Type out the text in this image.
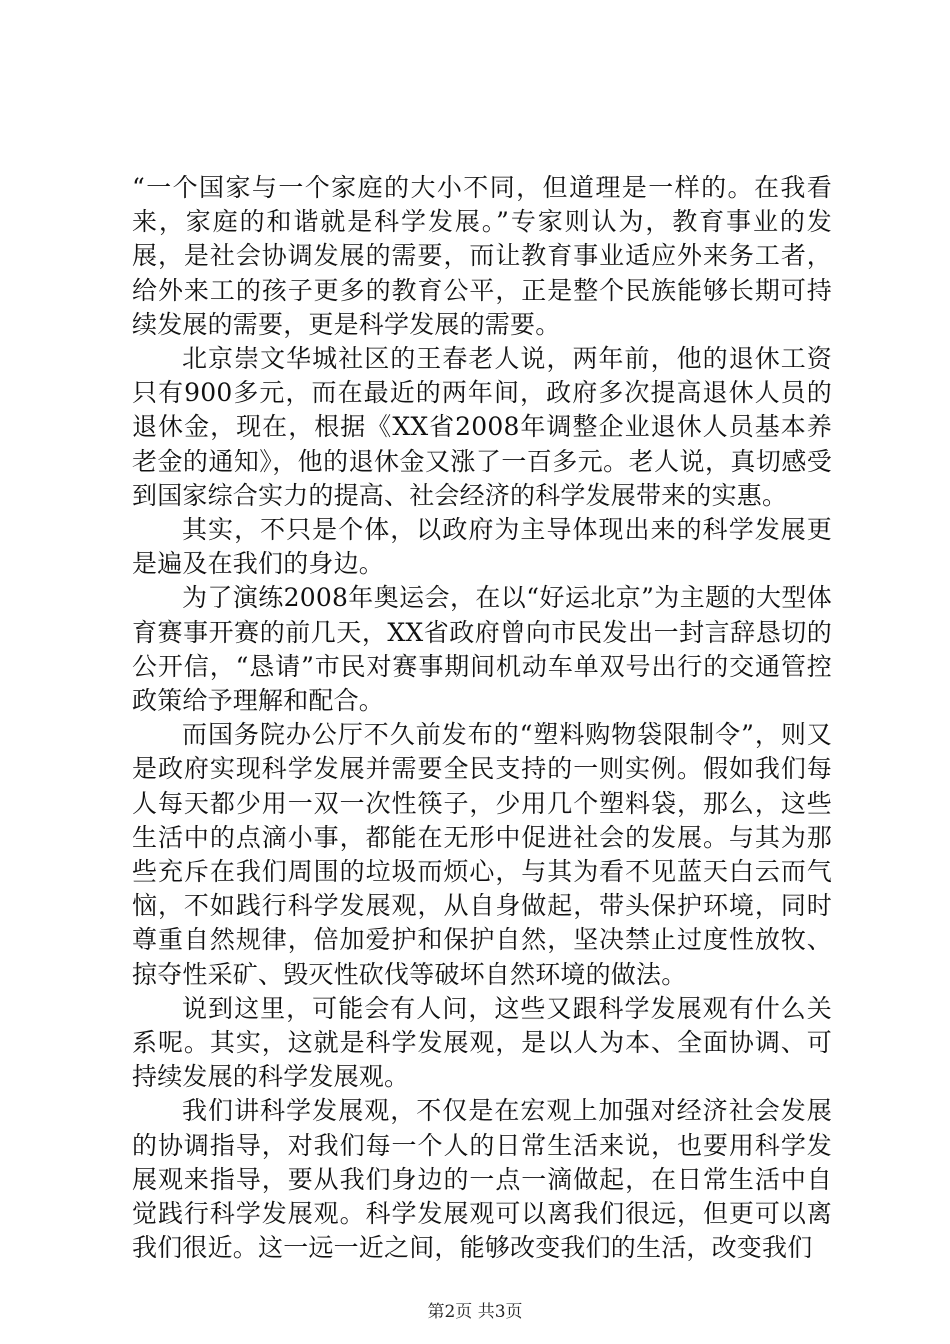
“一个国家与一个家庭的大小不同，但道理是一样的。在我看来，家庭的和谐就是科学发展。”专家则认为，教育事业的发展，是社会协调发展的需要，而让教育事业适应外来务工者，给外来工的孩子更多的教育公平，正是整个民族能够长期可持续发展的需要，更是科学发展的需要。

北京崇文华城社区的王春老人说，两年前，他的退休工资只有900多元，而在最近的两年间，政府多次提高退休人员的退休金，现在，根据《XX省2008年调整企业退休人员基本养老金的通知》，他的退休金又涨了一百多元。老人说，真切感受到国家综合实力的提高、社会经济的科学发展带来的实惠。

其实，不只是个体，以政府为主导体现出来的科学发展更是遍及在我们的身边。

为了演练2008年奥运会，在以“好运北京”为主题的大型体育赛事开赛的前几天，XX省政府曾向市民发出一封言辞恳切的公开信，“恳请”市民对赛事期间机动车单双号出行的交通管控政策给予理解和配合。

而国务院办公厅不久前发布的“塑料购物袋限制令”，则又是政府实现科学发展并需要全民支持的一则实例。假如我们每人每天都少用一双一次性筷子，少用几个塑料袋，那么，这些生活中的点滴小事，都能在无形中促进社会的发展。与其为那些充斥在我们周围的垃圾而烦心，与其为看不见蓝天白云而气恼，不如践行科学发展观，从自身做起，带头保护环境，同时尊重自然规律，倍加爱护和保护自然，坚决禁止过度性放牧、掠夺性采矿、毁灭性砍伐等破坏自然环境的做法。

说到这里，可能会有人问，这些又跟科学发展观有什么关系呢。其实，这就是科学发展观，是以人为本、全面协调、可持续发展的科学发展观。

我们讲科学发展观，不仅是在宏观上加强对经济社会发展的协调指导，对我们每一个人的日常生活来说，也要用科学发展观来指导，要从我们身边的一点一滴做起，在日常生活中自觉践行科学发展观。科学发展观可以离我们很远，但更可以离我们很近。这一远一近之间，能够改变我们的生活，改变我们

第2页 共3页
